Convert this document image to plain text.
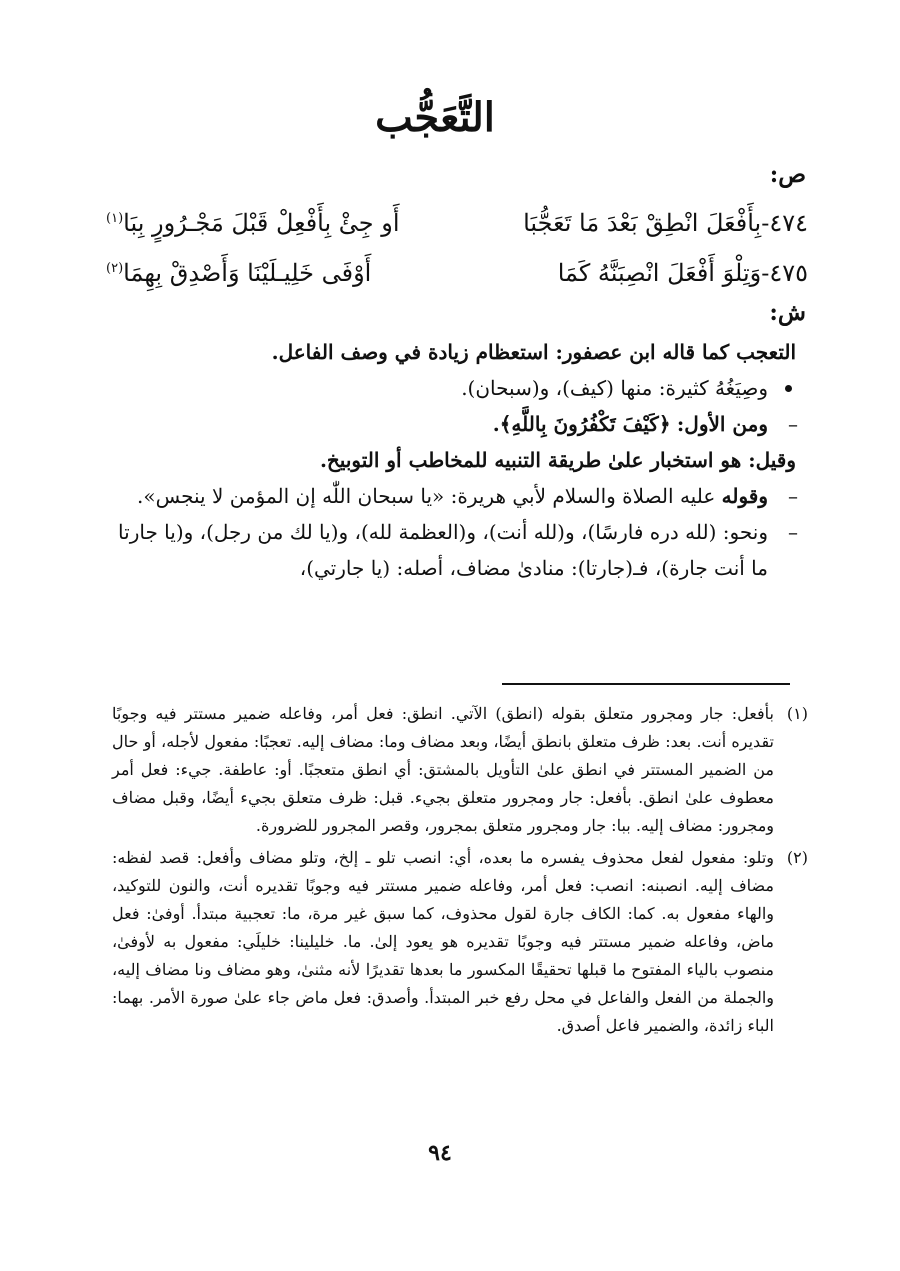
التَّعَجُّب
ص:
٤٧٤-بِأَفْعَلَ انْطِقْ بَعْدَ مَا تَعَجُّبَا
أَو جِئْ بِأَفْعِلْ قَبْلَ مَجْـرُورٍ بِبَا$^{(١)}$
٤٧٥-وَتِلْوَ أَفْعَلَ انْصِبَنَّهُ كَمَا
أَوْفَى خَلِيـلَيْنَا وَأَصْدِقْ بِهِمَا$^{(٢)}$
ش:

التعجب كما قاله ابن عصفور: استعظام زيادة في وصف الفاعل.

وصِيَغُهُ كثيرة: منها (كيف)، و(سبحان).

– ومن الأول: ﴿كَيْفَ تَكْفُرُونَ بِاللَّهِ﴾.

وقيل: هو استخبار علىٰ طريقة التنبيه للمخاطب أو التوبيخ.

– وقوله عليه الصلاة والسلام لأبي هريرة: «يا سبحان اللّٰه إن المؤمن لا ينجس».

– ونحو: (لله دره فارسًا)، و(لله أنت)، و(العظمة لله)، و(يا لك من رجل)، و(يا جارتا ما أنت جارة)، فـ(جارتا): منادىٰ مضاف، أصله: (يا جارتي)،

(١)
بأفعل: جار ومجرور متعلق بقوله (انطق) الآتي. انطق: فعل أمر، وفاعله ضمير مستتر فيه وجوبًا تقديره أنت. بعد: ظرف متعلق بانطق أيضًا، وبعد مضاف وما: مضاف إليه. تعجبًا: مفعول لأجله، أو حال من الضمير المستتر في انطق علىٰ التأويل بالمشتق: أي انطق متعجبًا. أو: عاطفة. جيء: فعل أمر معطوف علىٰ انطق. بأفعل: جار ومجرور متعلق بجيء. قبل: ظرف متعلق بجيء أيضًا، وقبل مضاف ومجرور: مضاف إليه. ببا: جار ومجرور متعلق بمجرور، وقصر المجرور للضرورة.
(٢)
وتلو: مفعول لفعل محذوف يفسره ما بعده، أي: انصب تلو ـ إلخ، وتلو مضاف وأفعل: قصد لفظه: مضاف إليه. انصبنه: انصب: فعل أمر، وفاعله ضمير مستتر فيه وجوبًا تقديره أنت، والنون للتوكيد، والهاء مفعول به. كما: الكاف جارة لقول محذوف، كما سبق غير مرة، ما: تعجبية مبتدأ. أوفىٰ: فعل ماض، وفاعله ضمير مستتر فيه وجوبًا تقديره هو يعود إلىٰ. ما. خليلينا: خليلَي: مفعول به لأوفىٰ، منصوب بالياء المفتوح ما قبلها تحقيقًا المكسور ما بعدها تقديرًا لأنه مثنىٰ، وهو مضاف ونا مضاف إليه، والجملة من الفعل والفاعل في محل رفع خبر المبتدأ. وأصدق: فعل ماض جاء علىٰ صورة الأمر. بهما: الباء زائدة، والضمير فاعل أصدق.
٩٤
